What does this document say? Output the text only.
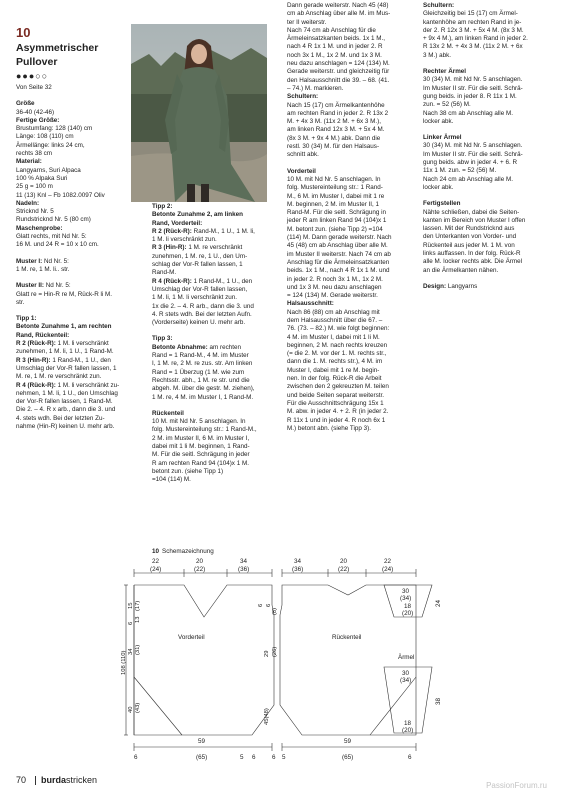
10
Asymmetrischer
Pullover
●●●○○

Von Seite 32

Größe

36-40 (42-46)

Fertige Größe:

Brustumfang: 128 (140) cm

Länge: 108 (110) cm

Ärmellänge: links 24 cm,

rechts 38 cm

Material:

Langyarns, Suri Alpaca

100 % Alpaka Suri

25 g = 100 m

11 (13) Knl – Fb 1082.0097 Oliv

Nadeln:

Stricknd Nr. 5

Rundstricknd Nr. 5 (80 cm)

Maschenprobe:

Glatt rechts, mit Nd Nr. 5:

16 M. und 24 R = 10 x 10 cm.

Muster I: Nd Nr. 5:

1 M. re, 1 M. li.. str.

Muster II: Nd Nr. 5:

Glatt re = Hin-R re M, Rück-R li M.

str.

Tipp 1:
Betonte Zunahme 1, am rechten
Rand, Rückenteil:

R 2 (Rück-R): 1 M. li verschränkt

zunehmen, 1 M. li, 1 U., 1 Rand-M.

R 3 (Hin-R): 1 Rand-M., 1 U., den

Umschlag der Vor-R fallen lassen, 1

M. re, 1 M. re verschränkt zun.

R 4 (Rück-R): 1 M. li verschränkt zu-

nehmen, 1 M. li, 1 U., den Umschlag

der Vor-R fallen lassen, 1 Rand-M.

Die 2. – 4. R x arb., dann die 3. und

4. stets wdh. Bei der letzten Zu-

nahme (Hin-R) keinen U. mehr arb.

Tipp 2:
Betonte Zunahme 2, am linken
Rand, Vorderteil:

R 2 (Rück-R): Rand-M., 1 U., 1 M. li,

1 M. li verschränkt zun.

R 3 (Hin-R): 1 M. re verschränkt

zunehmen, 1 M. re, 1 U., den Um-

schlag der Vor-R fallen lassen, 1

Rand-M.

R 4 (Rück-R): 1 Rand-M., 1 U., den

Umschlag der Vor-R fallen lassen,

1 M. li, 1 M. li verschränkt zun.

1x die 2. – 4. R arb., dann die 3. und

4. R stets wdh. Bei der letzten Aufn.

(Vorderseite) keinen U. mehr arb.

Tipp 3:

Betonte Abnahme: am rechten

Rand = 1 Rand-M., 4 M. im Muster

I, 1 M. re, 2 M. re zus. str. Am linken

Rand = 1 Überzug (1 M. wie zum

Rechtsstr. abh., 1 M. re str. und die

abgeh. M. über die gestr. M. ziehen),

1 M. re, 4 M. im Muster I, 1 Rand-M.

Rückenteil

10 M. mit Nd Nr. 5 anschlagen. In

folg. Mustereinteilung str.: 1 Rand-M.,

2 M. im Muster II, 6 M. im Muster I,

dabei mit 1 li M. beginnen, 1 Rand-

M. Für die seitl. Schrägung in jeder

R am rechten Rand 94 (104)x 1 M.

betont zun. (siehe Tipp 1)

=104 (114) M.

Dann gerade weiterstr. Nach 45 (48)

cm ab Anschlag über alle M. im Mus-

ter II weiterstr.

Nach 74 cm ab Anschlag für die

Ärmeleinsatzkanten beids. 1x 1 M.,

nach 4 R 1x 1 M. und in jeder 2. R

noch 3x 1 M., 1x 2 M. und 1x 3 M.

neu dazu anschlagen = 124 (134) M.

Gerade weiterstr. und gleichzeitig für

den Halsausschnitt die 39. – 68. (41.

– 74.) M. markieren.

Schultern:

Nach 15 (17) cm Ärmelkantenhöhe

am rechten Rand in jeder 2. R 13x 2

M. + 4x 3 M. (11x 2 M. + 6x 3 M.),

am linken Rand 12x 3 M. + 5x 4 M.

(8x 3 M. + 9x 4 M.) abk. Dann die

restl. 30 (34) M. für den Halsaus-

schnitt abk.

Vorderteil

10 M. mit Nd Nr. 5 anschlagen. In

folg. Mustereinteilung str.: 1 Rand-

M., 6 M. im Muster I, dabei mit 1 re

M. beginnen, 2 M. im Muster II, 1

Rand-M. Für die seitl. Schrägung in

jeder R am linken Rand 94 (104)x 1

M. betont zun. (siehe Tipp 2) =104

(114) M. Dann gerade weiterstr. Nach

45 (48) cm ab Anschlag über alle M.

im Muster II weiterstr. Nach 74 cm ab

Anschlag für die Ärmeleinsatzkanten

beids. 1x 1 M., nach 4 R 1x 1 M. und

in jeder 2. R noch 3x 1 M., 1x 2 M.

und 1x 3 M. neu dazu anschlagen

= 124 (134) M. Gerade weiterstr.

Halsausschnitt:

Nach 86 (88) cm ab Anschlag mit

dem Halsausschnitt über die 67. –

76. (73. – 82.) M. wie folgt beginnen:

4 M. im Muster I, dabei mit 1 li M.

beginnen, 2 M. nach rechts kreuzen

(= die 2. M. vor der 1. M. rechts str.,

dann die 1. M. rechts str.), 4 M. im

Muster I, dabei mit 1 re M. begin-

nen. In der folg. Rück-R die Arbeit

zwischen den 2 gekreuzten M. teilen

und beide Seiten separat weiterstr.

Für die Ausschnittschrägung 15x 1

M. abw. in jeder 4. + 2. R (in jeder 2.

R 11x 1 und in jeder 4. R noch 6x 1

M.) betont abn. (siehe Tipp 3).

Schultern:

Gleichzeitig bei 15 (17) cm Ärmel-

kantenhöhe am rechten Rand in je-

der 2. R 12x 3 M. + 5x 4 M. (8x 3 M.

+ 9x 4 M.), am linken Rand in jeder 2.

R 13x 2 M. + 4x 3 M. (11x 2 M. + 6x

3 M.) abk.

Rechter Ärmel

30 (34) M. mit Nd Nr. 5 anschlagen.

Im Muster II str. Für die seitl. Schrä-

gung beids. in jeder 8. R 11x 1 M.

zun. = 52 (56) M.

Nach 38 cm ab Anschlag alle M.

locker abk.

Linker Ärmel

30 (34) M. mit Nd Nr. 5 anschlagen.

Im Muster II str. Für die seitl. Schrä-

gung beids. abw in jeder 4. + 6. R

11x 1 M. zun. = 52 (56) M.

Nach 24 cm ab Anschlag alle M.

locker abk.

Fertigstellen

Nähte schließen, dabei die Seiten-

kanten im Bereich von Muster I offen

lassen. Mit der Rundstricknd aus

den Unterkanten von Vorder- und

Rückenteil aus jeder M. 1 M. von

links auffassen. In der folg. Rück-R

alle M. locker rechts abk. Die Ärmel

an die Ärmelkanten nähen.

Design: Langyarns

10 Schemazeichnung
Vorderteil	Rückenteil
Ärmel
22
(24)
20
(22)
34
(36)
34
(36)
20
(22)
22
(24)
15
6
(17)
13
108 (110) 34 (31)
40 (43)
6 6
(8)
29 (26)
45(48)
59
(65)
6	5 6	6 5
59
(65)	6
30
(34)
18
(20)
24
30
(34)
18
(20)
38
70 burdastricken
PassionForum.ru
